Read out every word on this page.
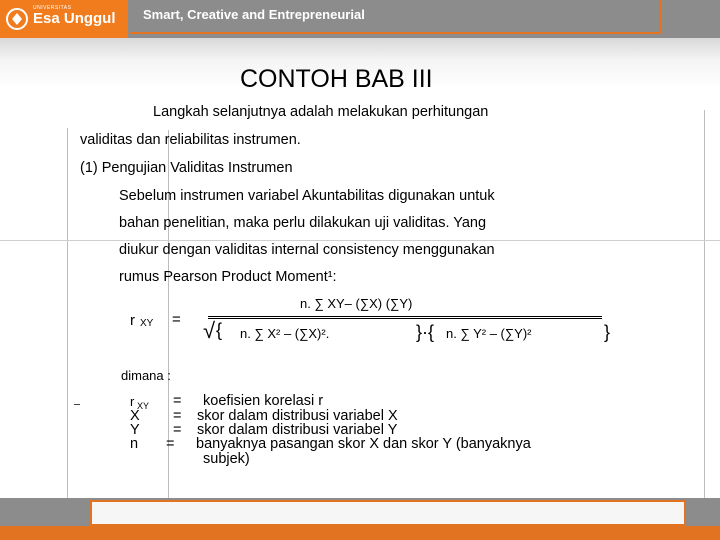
UNIVERSITAS
Esa Unggul Smart, Creative and Entrepreneurial
CONTOH BAB III
Langkah selanjutnya adalah melakukan perhitungan
validitas dan reliabilitas instrumen.
(1) Pengujian Validitas Instrumen
Sebelum instrumen variabel Akuntabilitas digunakan untuk
bahan penelitian, maka perlu dilakukan uji validitas. Yang
diukur dengan validitas internal consistency menggunakan
rumus Pearson Product Moment¹:
r XY =
n. ∑ XY– (∑X) (∑Y)
√ { n. ∑ X² – (∑X)².	}·{ n. ∑ Y² – (∑Y)²	}
dimana :
r XY = koefisien korelasi r
X = skor dalam distribusi variabel X
Y = skor dalam distribusi variabel Y
n = banyaknya pasangan skor X dan skor Y (banyaknya
subjek)
